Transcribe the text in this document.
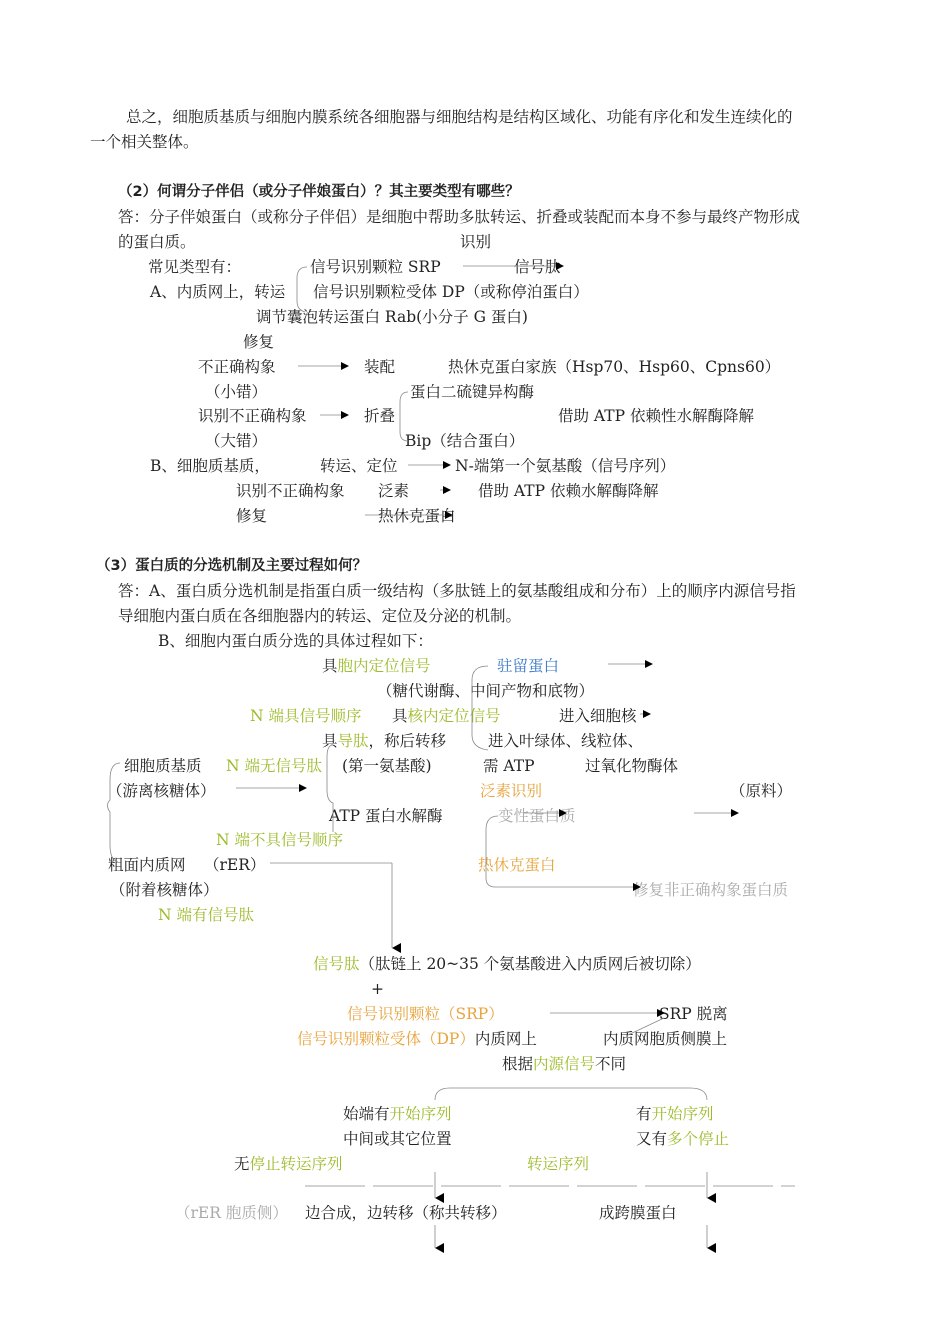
总之，细胞质基质与细胞内膜系统各细胞器与细胞结构是结构区域化、功能有序化和发生连续化的
一个相关整体。
（2）何谓分子伴侣（或分子伴娘蛋白）？其主要类型有哪些？
答：分子伴娘蛋白（或称分子伴侣）是细胞中帮助多肽转运、折叠或装配而本身不参与最终产物形成
的蛋白质。	识别
常见类型有：	信号识别颗粒 SRP	信号肽
A、内质网上，转运 信号识别颗粒受体 DP（或称停泊蛋白）
调节囊泡转运蛋白 Rab(小分子 G 蛋白)
修复
不正确构象	装配	热休克蛋白家族（Hsp70、Hsp60、Cpns60）
（小错）	蛋白二硫键异构酶
识别不正确构象	折叠	借助 ATP 依赖性水解酶降解
（大错）	Bip（结合蛋白）
B、细胞质基质，	转运、定位	N-端第一个氨基酸（信号序列）
识别不正确构象 泛素	借助 ATP 依赖水解酶降解
修复	热休克蛋白
（3）蛋白质的分选机制及主要过程如何？
答：A、蛋白质分选机制是指蛋白质一级结构（多肽链上的氨基酸组成和分布）上的顺序内源信号指
导细胞内蛋白质在各细胞器内的转运、定位及分泌的机制。
B、细胞内蛋白质分选的具体过程如下：
具胞内定位信号	驻留蛋白
（糖代谢酶、中间产物和底物）
N 端具信号顺序 具核内定位信号	进入细胞核
具导肽，称后转移	进入叶绿体、线粒体、
细胞质基质 N 端无信号肽 (第一氨基酸)	需 ATP	过氧化物酶体
（游离核糖体）	泛素识别	（原料）
ATP 蛋白水解酶	变性蛋白质
N 端不具信号顺序
粗面内质网 （rER）	热休克蛋白
（附着核糖体）	修复非正确构象蛋白质
N 端有信号肽
信号肽（肽链上 20~35 个氨基酸进入内质网后被切除）
+
信号识别颗粒（SRP）	SRP 脱离
信号识别颗粒受体（DP）内质网上	内质网胞质侧膜上
根据内源信号不同
始端有开始序列	有开始序列
中间或其它位置	又有多个停止
无停止转运序列	转运序列
（rER 胞质侧） 边合成，边转移（称共转移）	成跨膜蛋白
